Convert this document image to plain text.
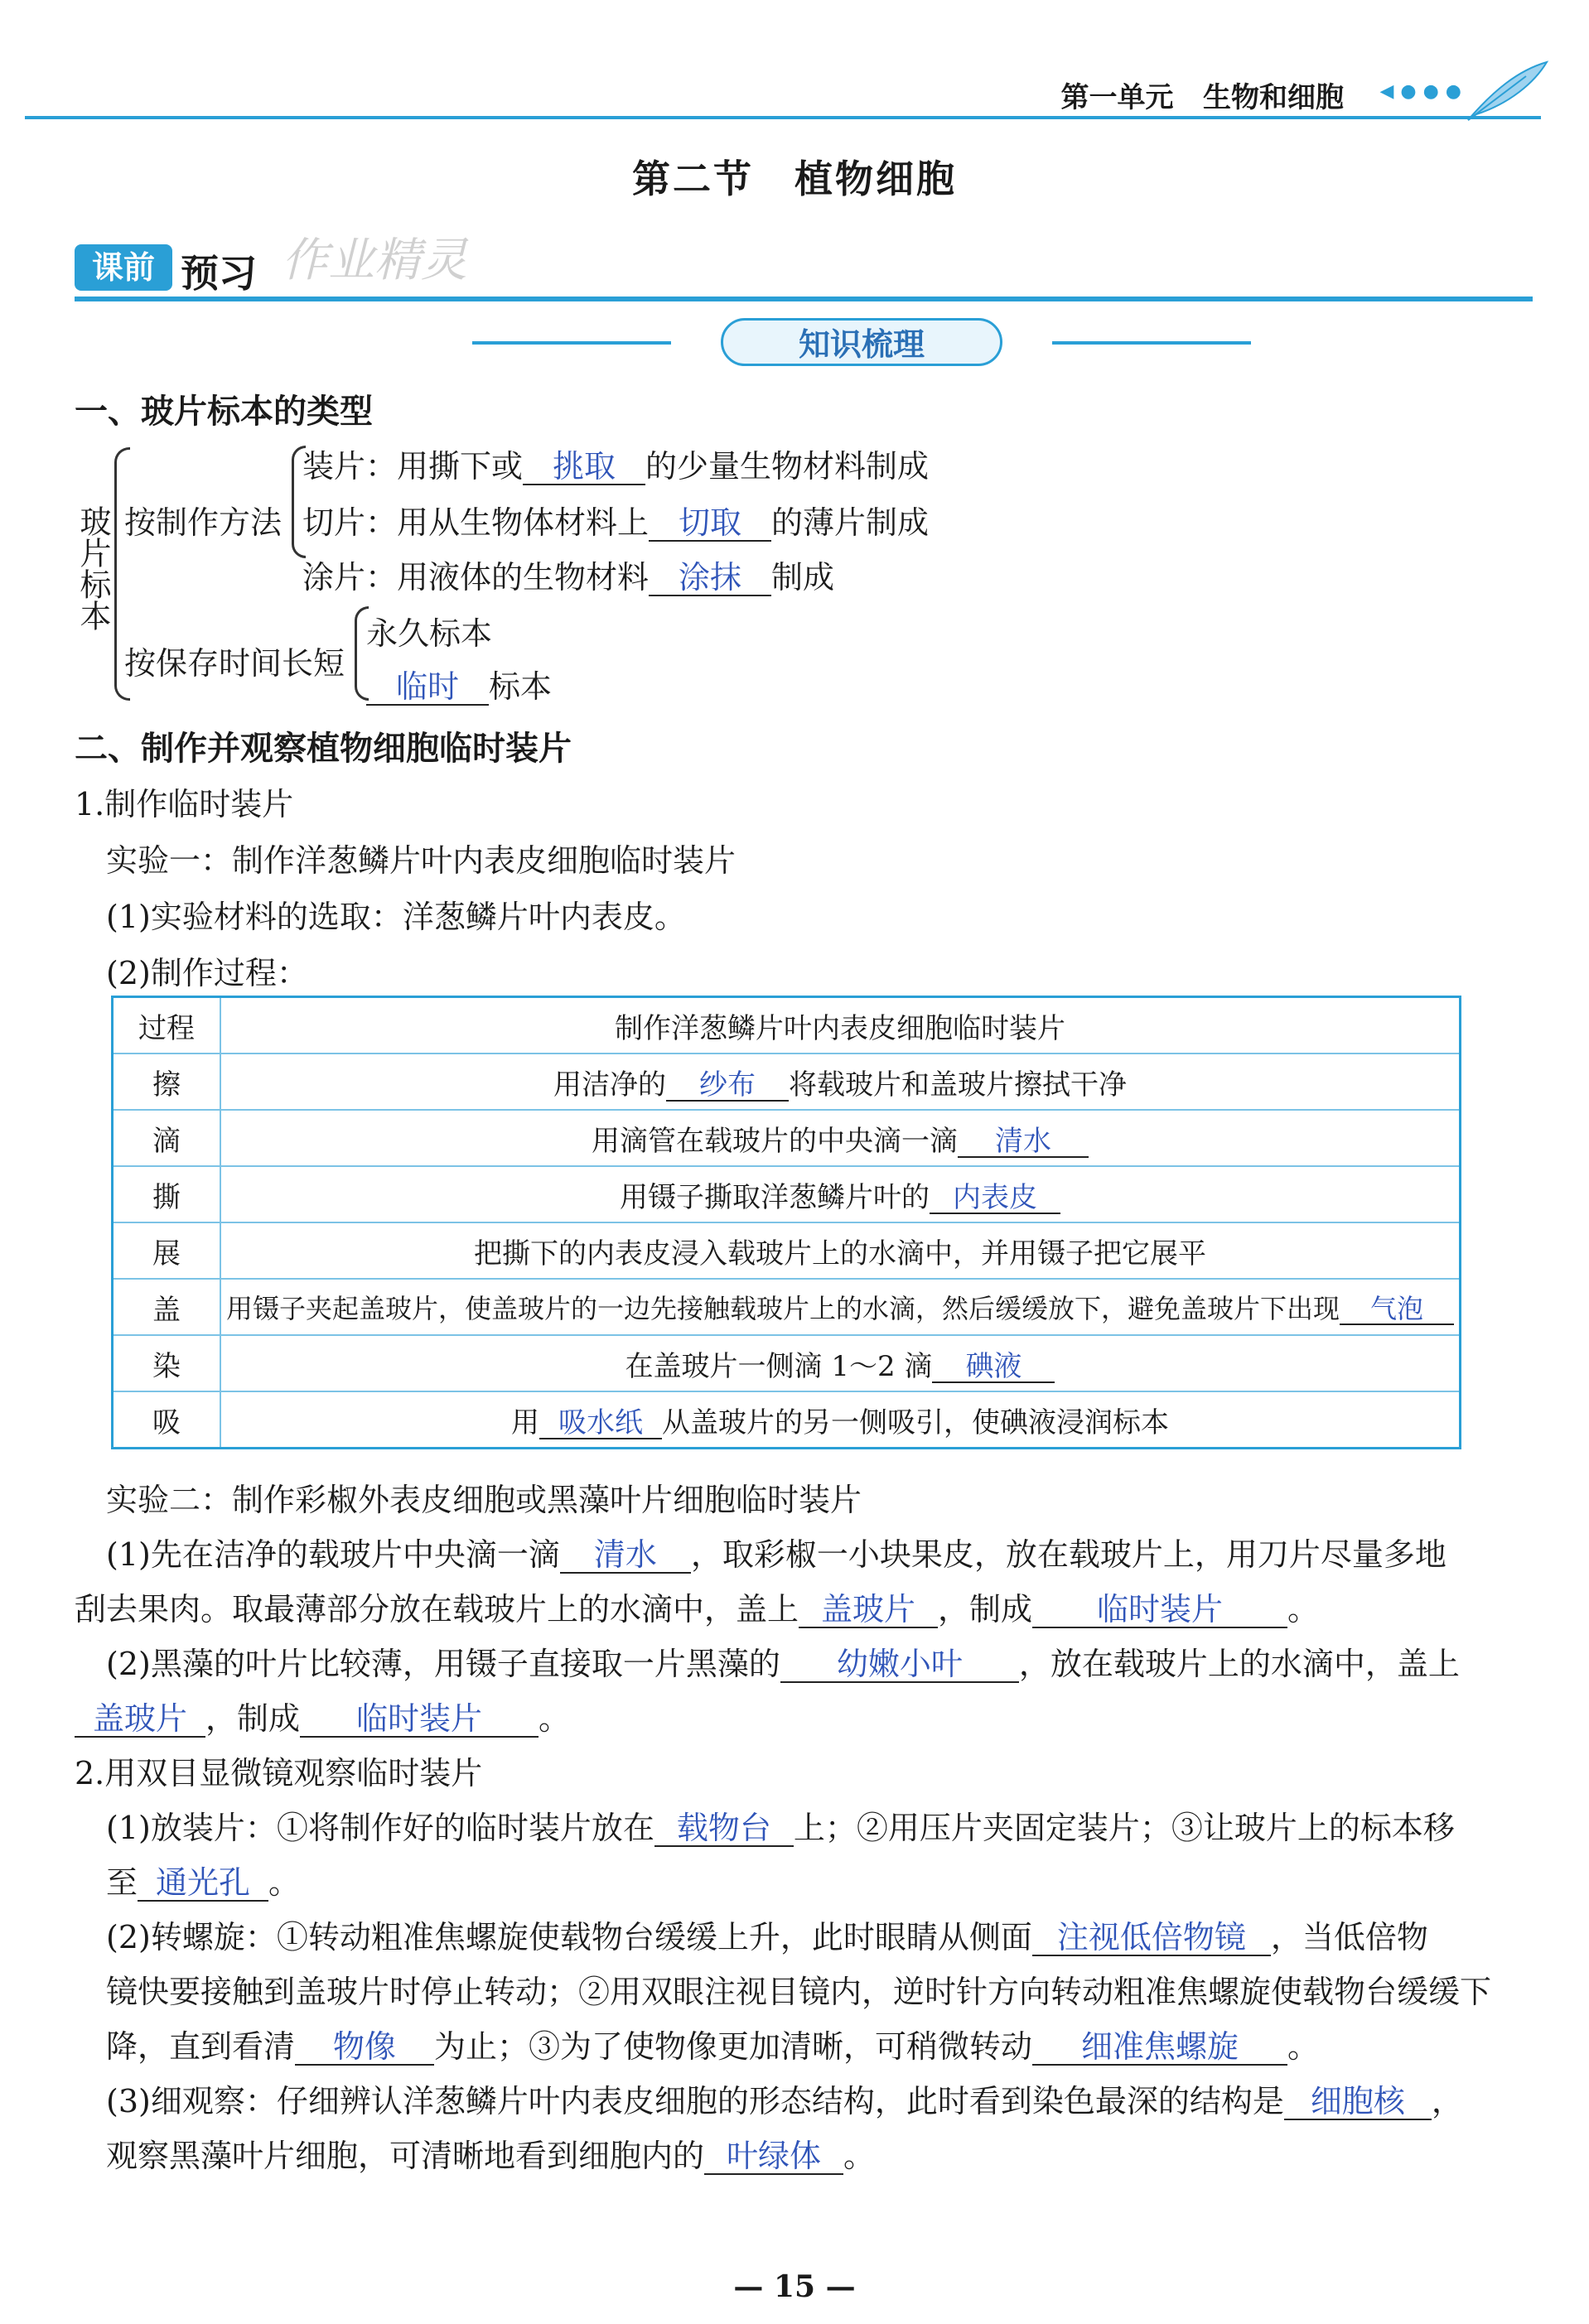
第一单元 生物和细胞 ◀●●●
第二节　植物细胞
课前 预习 作业精灵
知识梳理
一、玻片标本的类型
玻片标本 按制作方法
装片：用撕下或 挑取 的少量生物材料制成
切片：用从生物体材料上 切取 的薄片制成
涂片：用液体的生物材料 涂抹 制成
按保存时间长短
永久标本
临时 标本
二、制作并观察植物细胞临时装片
1.制作临时装片
实验一：制作洋葱鳞片叶内表皮细胞临时装片
(1)实验材料的选取：洋葱鳞片叶内表皮。
(2)制作过程：
过程	制作洋葱鳞片叶内表皮细胞临时装片
擦	用洁净的 纱布 将载玻片和盖玻片擦拭干净
滴	用滴管在载玻片的中央滴一滴 清水
撕	用镊子撕取洋葱鳞片叶的 内表皮
展	把撕下的内表皮浸入载玻片上的水滴中，并用镊子把它展平
盖	用镊子夹起盖玻片，使盖玻片的一边先接触载玻片上的水滴，然后缓缓放下，避免盖玻片下出现 气泡
染	在盖玻片一侧滴 1～2 滴 碘液
吸	用 吸水纸 从盖玻片的另一侧吸引，使碘液浸润标本
实验二：制作彩椒外表皮细胞或黑藻叶片细胞临时装片
(1)先在洁净的载玻片中央滴一滴 清水 ，取彩椒一小块果皮，放在载玻片上，用刀片尽量多地
刮去果肉。取最薄部分放在载玻片上的水滴中，盖上 盖玻片 ，制成 临时装片 。
(2)黑藻的叶片比较薄，用镊子直接取一片黑藻的 幼嫩小叶 ，放在载玻片上的水滴中，盖上
盖玻片 ，制成 临时装片 。
2.用双目显微镜观察临时装片
(1)放装片：①将制作好的临时装片放在 载物台 上；②用压片夹固定装片；③让玻片上的标本移
至 通光孔 。
(2)转螺旋：①转动粗准焦螺旋使载物台缓缓上升，此时眼睛从侧面 注视低倍物镜 ，当低倍物
镜快要接触到盖玻片时停止转动；②用双眼注视目镜内，逆时针方向转动粗准焦螺旋使载物台缓缓下
降，直到看清 物像 为止；③为了使物像更加清晰，可稍微转动 细准焦螺旋 。
(3)细观察：仔细辨认洋葱鳞片叶内表皮细胞的形态结构，此时看到染色最深的结构是 细胞核 ，
观察黑藻叶片细胞，可清晰地看到细胞内的 叶绿体 。
— 15 —
